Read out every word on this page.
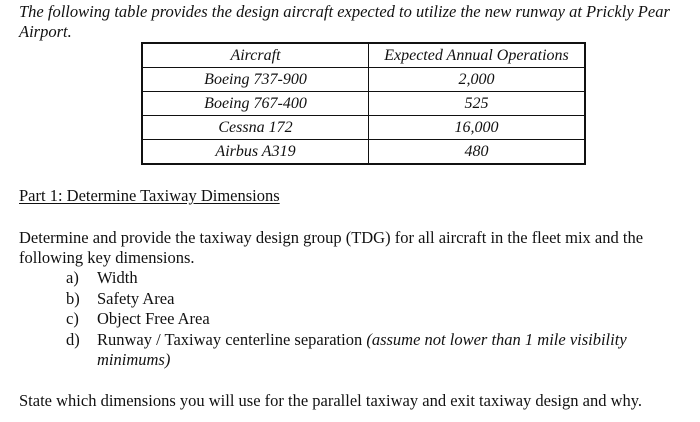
The following table provides the design aircraft expected to utilize the new runway at Prickly Pear Airport.

Aircraft	Expected Annual Operations
Boeing 737-900	2,000
Boeing 767-400	525
Cessna 172	16,000
Airbus A319	480

Part 1: Determine Taxiway Dimensions

Determine and provide the taxiway design group (TDG) for all aircraft in the fleet mix and the following key dimensions.

a) Width
b) Safety Area
c) Object Free Area
d) Runway / Taxiway centerline separation (assume not lower than 1 mile visibility minimums)

State which dimensions you will use for the parallel taxiway and exit taxiway design and why.
